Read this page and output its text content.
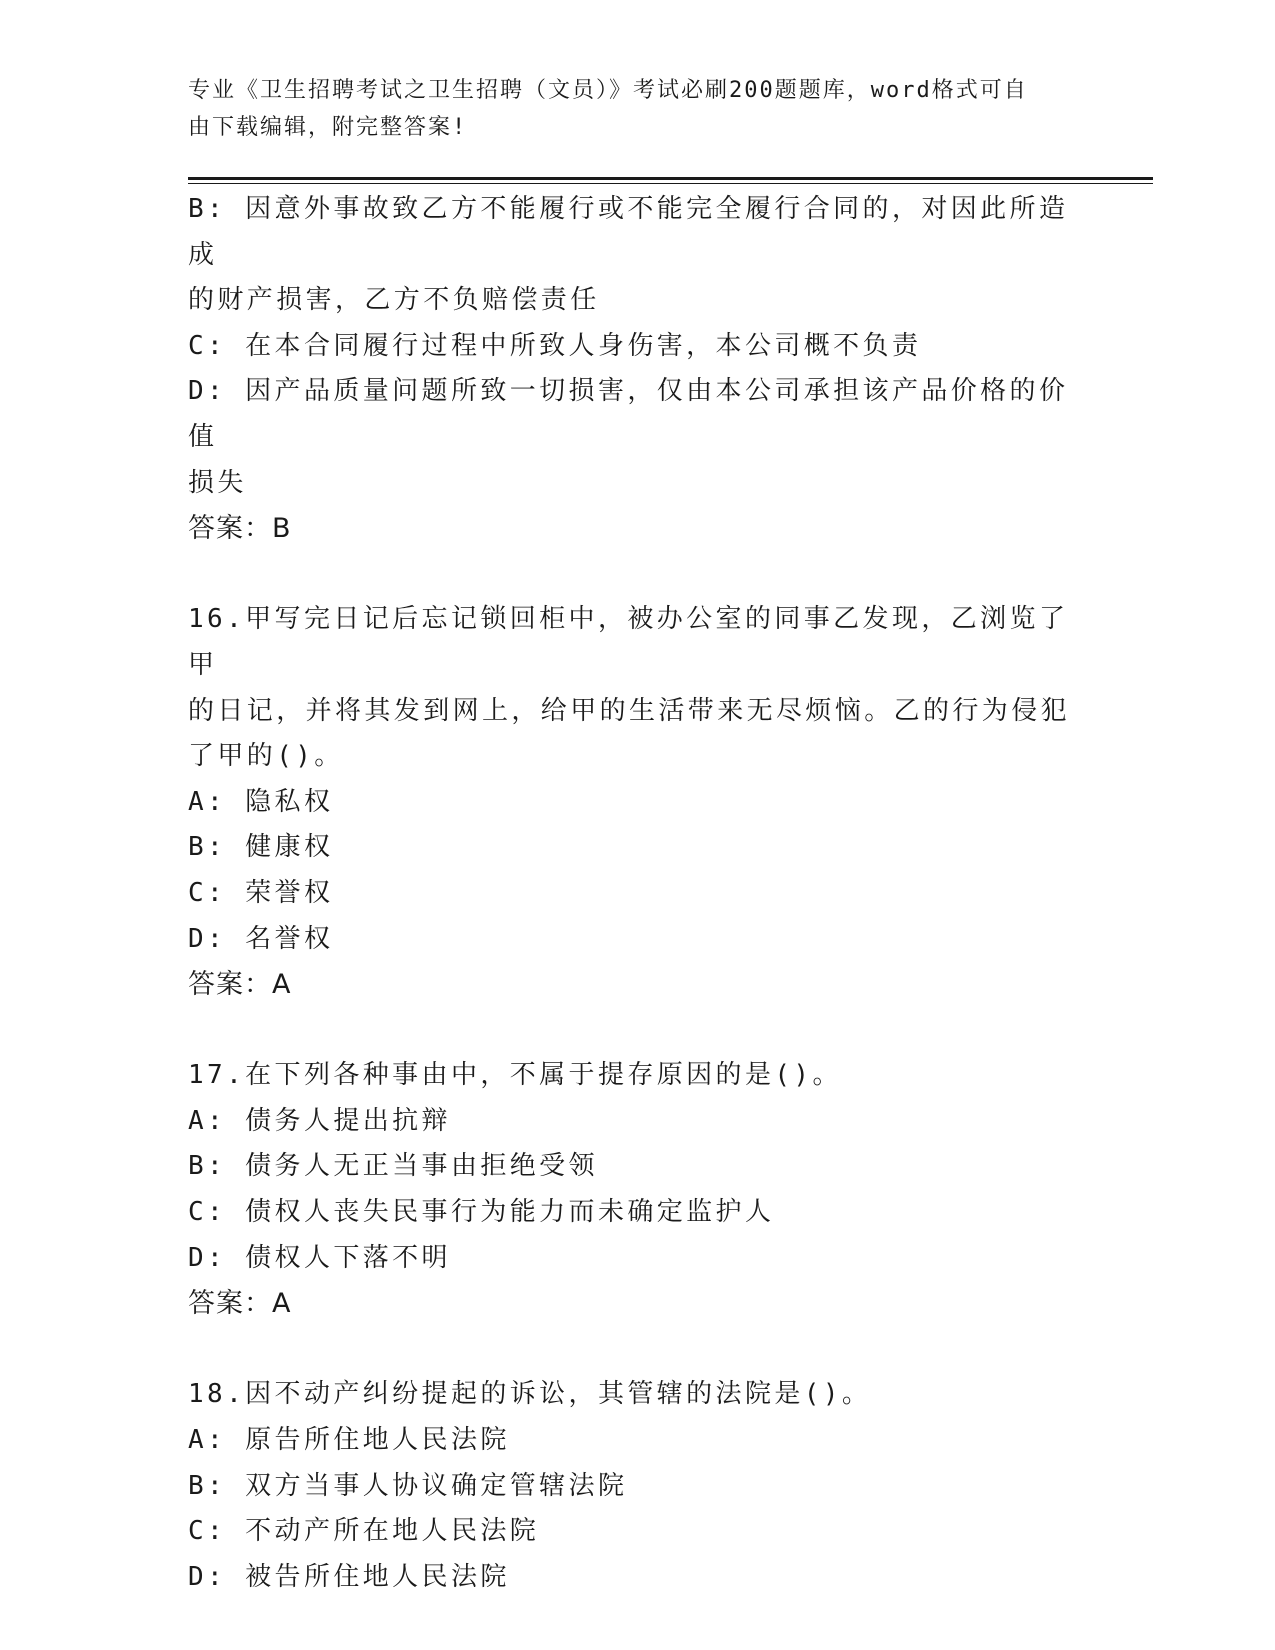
专业《卫生招聘考试之卫生招聘（文员）》考试必刷200题题库，word格式可自
由下载编辑，附完整答案!
B: 因意外事故致乙方不能履行或不能完全履行合同的，对因此所造成
的财产损害，乙方不负赔偿责任
C: 在本合同履行过程中所致人身伤害，本公司概不负责
D: 因产品质量问题所致一切损害，仅由本公司承担该产品价格的价值
损失
答案：B
16.甲写完日记后忘记锁回柜中，被办公室的同事乙发现，乙浏览了甲
的日记，并将其发到网上，给甲的生活带来无尽烦恼。乙的行为侵犯
了甲的()。
A: 隐私权
B: 健康权
C: 荣誉权
D: 名誉权
答案：A
17.在下列各种事由中，不属于提存原因的是()。
A: 债务人提出抗辩
B: 债务人无正当事由拒绝受领
C: 债权人丧失民事行为能力而未确定监护人
D: 债权人下落不明
答案：A
18.因不动产纠纷提起的诉讼，其管辖的法院是()。
A: 原告所住地人民法院
B: 双方当事人协议确定管辖法院
C: 不动产所在地人民法院
D: 被告所住地人民法院
